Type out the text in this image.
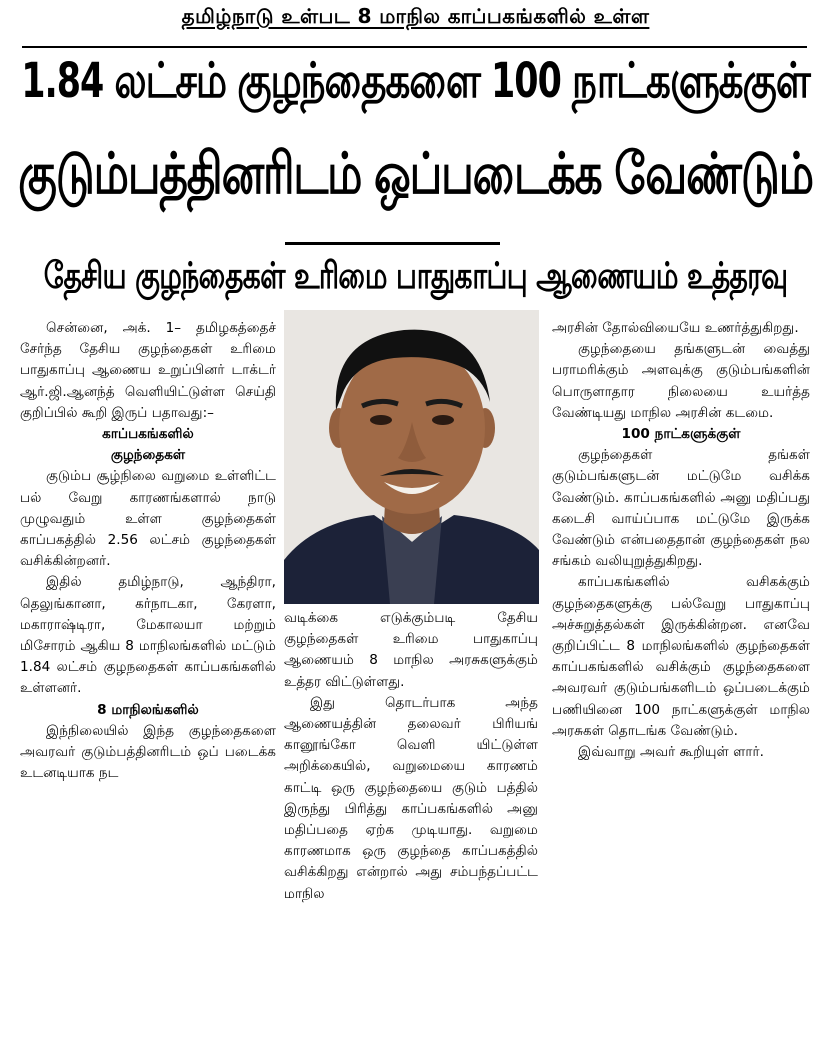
தமிழ்நாடு உள்பட 8 மாநில காப்பகங்களில் உள்ள
1.84 லட்சம் குழந்தைகளை 100 நாட்களுக்குள்
குடும்பத்தினரிடம் ஒப்படைக்க வேண்டும்
தேசிய குழந்தைகள் உரிமை பாதுகாப்பு ஆணையம் உத்தரவு

சென்னை, அக். 1– தமிழகத்தைச் சேர்ந்த தேசிய குழந்தைகள் உரிமை பாதுகாப்பு ஆணைய உறுப்பினர் டாக்டர் ஆர்.ஜி.ஆனந்த் வெளியிட்டுள்ள செய்தி குறிப்பில் கூறி இருப் பதாவது:–

காப்பகங்களில்

குழந்தைகள்

குடும்ப சூழ்நிலை வறுமை உள்ளிட்ட பல் வேறு காரணங்களால் நாடு முழுவதும் உள்ள குழந்தைகள் காப்பகத்தில் 2.56 லட்சம் குழந்தைகள் வசிக்கின்றனர்.

இதில் தமிழ்நாடு, ஆந்திரா, தெலுங்கானா, கர்நாடகா, கேரளா, மகாராஷ்டிரா, மேகாலயா மற்றும் மிசோரம் ஆகிய 8 மாநிலங்களில் மட்டும் 1.84 லட்சம் குழநதைகள் காப்பகங்களில் உள்ளனர்.

8 மாநிலங்களில்

இந்நிலையில் இந்த குழந்தைகளை அவரவர் குடும்பத்தினரிடம் ஒப் படைக்க உடனடியாக நட

வடிக்கை எடுக்கும்படி தேசிய குழந்தைகள் உரிமை பாதுகாப்பு ஆணையம் 8 மாநில அரசுகளுக்கும் உத்தர விட்டுள்ளது.

இது தொடர்பாக அந்த ஆணையத்தின் தலைவர் பிரியங் கானூங்கோ வெளி யிட்டுள்ள அறிக்கையில், வறுமையை காரணம் காட்டி ஒரு குழந்தையை குடும் பத்தில் இருந்து பிரித்து காப்பகங்களில் அனு மதிப்பதை ஏற்க முடியாது. வறுமை காரணமாக ஒரு குழந்தை காப்பகத்தில் வசிக்கிறது என்றால் அது சம்பந்தப்பட்ட மாநில

அரசின் தோல்வியையே உணர்த்துகிறது.

குழந்தையை தங்களுடன் வைத்து பராமரிக்கும் அளவுக்கு குடும்பங்களின் பொருளாதார நிலையை உயர்த்த வேண்டியது மாநில அரசின் கடமை.

100 நாட்களுக்குள்

குழந்தைகள் தங்கள் குடும்பங்களுடன் மட்டுமே வசிக்க வேண்டும். காப்பகங்களில் அனு மதிப்பது கடைசி வாய்ப்பாக மட்டுமே இருக்க வேண்டும் என்பதைதான் குழந்தைகள் நல சங்கம் வலியுறுத்துகிறது.

காப்பகங்களில் வசிகக்கும் குழந்தைகளுக்கு பல்வேறு பாதுகாப்பு அச்சுறுத்தல்கள் இருக்கின்றன. எனவே குறிப்பிட்ட 8 மாநிலங்களில் குழந்தைகள் காப்பகங்களில் வசிக்கும் குழந்தைகளை அவரவர் குடும்பங்களிடம் ஒப்படைக்கும் பணியினை 100 நாட்களுக்குள் மாநில அரசுகள் தொடங்க வேண்டும்.

இவ்வாறு அவர் கூறியுள் ளார்.
